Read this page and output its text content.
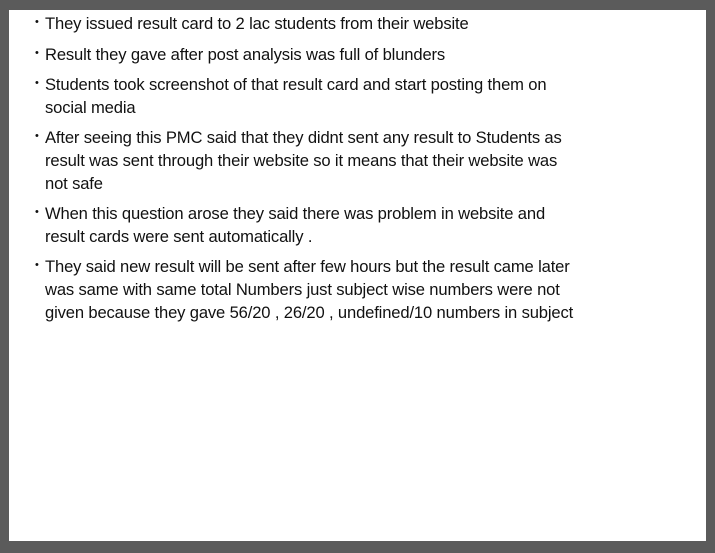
• They issued result card to 2 lac students from their website
• Result they gave after post analysis was full of blunders
• Students took screenshot of that result card and start posting them on
social media
• After seeing this PMC said that they didnt sent any result to Students as
result was sent through their website so it means that their website was
not safe
• When this question arose they said there was problem in website and
result cards were sent automatically .
• They said new result will be sent after few hours but the result came later
was same with same total Numbers just subject wise numbers were not
given because they gave 56/20 , 26/20 , undefined/10 numbers in subject
